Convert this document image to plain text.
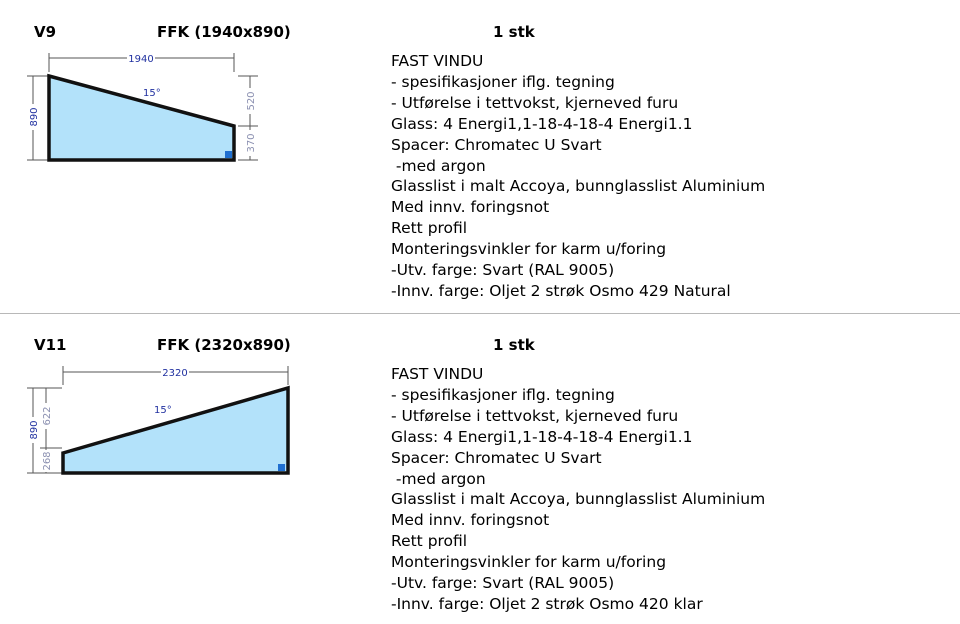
V9	FFK (1940x890)	1 stk
1940
890
520
370
15°
FAST VINDU
- spesifikasjoner iflg. tegning
- Utførelse i tettvokst, kjerneved furu
Glass: 4 Energi1,1-18-4-18-4 Energi1.1
Spacer: Chromatec U Svart
-med argon
Glasslist i malt Accoya, bunnglasslist Aluminium
Med innv. foringsnot
Rett profil
Monteringsvinkler for karm u/foring
-Utv. farge: Svart (RAL 9005)
-Innv. farge: Oljet 2 strøk Osmo 429 Natural
V11	FFK (2320x890)	1 stk
2320
890
622
268
15°
FAST VINDU
- spesifikasjoner iflg. tegning
- Utførelse i tettvokst, kjerneved furu
Glass: 4 Energi1,1-18-4-18-4 Energi1.1
Spacer: Chromatec U Svart
-med argon
Glasslist i malt Accoya, bunnglasslist Aluminium
Med innv. foringsnot
Rett profil
Monteringsvinkler for karm u/foring
-Utv. farge: Svart (RAL 9005)
-Innv. farge: Oljet 2 strøk Osmo 420 klar
